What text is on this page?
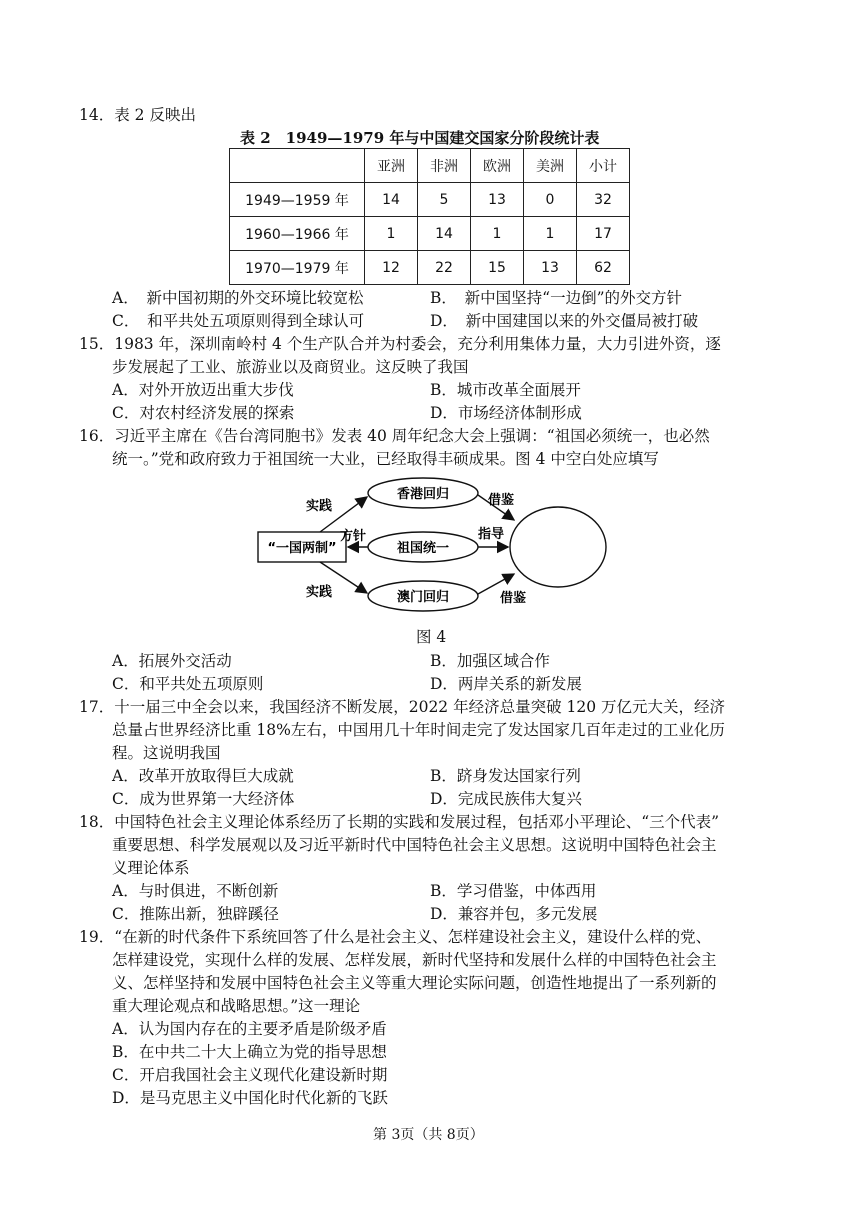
14．表 2 反映出
表 2　1949—1979 年与中国建交国家分阶段统计表
	亚洲	非洲	欧洲	美洲	小计
1949—1959 年	14	5	13	0	32
1960—1966 年	1	14	1	1	17
1970—1979 年	12	22	15	13	62
A．　新中国初期的外交环境比较宽松	B．　新中国坚持“一边倒”的外交方针
C．　和平共处五项原则得到全球认可	D．　新中国建国以来的外交僵局被打破
15．1983 年，深圳南岭村 4 个生产队合并为村委会，充分利用集体力量，大力引进外资，逐
步发展起了工业、旅游业以及商贸业。这反映了我国
A．对外开放迈出重大步伐	B．城市改革全面展开
C．对农村经济发展的探索	D．市场经济体制形成
16．习近平主席在《告台湾同胞书》发表 40 周年纪念大会上强调：“祖国必须统一，也必然
统一。”党和政府致力于祖国统一大业，已经取得丰硕成果。图 4 中空白处应填写
“一国两制”
香港回归
祖国统一
澳门回归
实践
方针
实践
借鉴
指导
借鉴
图 4
A．拓展外交活动	B．加强区域合作
C．和平共处五项原则	D．两岸关系的新发展
17．十一届三中全会以来，我国经济不断发展，2022 年经济总量突破 120 万亿元大关，经济
总量占世界经济比重 18%左右，中国用几十年时间走完了发达国家几百年走过的工业化历
程。这说明我国
A．改革开放取得巨大成就	B．跻身发达国家行列
C．成为世界第一大经济体	D．完成民族伟大复兴
18．中国特色社会主义理论体系经历了长期的实践和发展过程，包括邓小平理论、“三个代表”
重要思想、科学发展观以及习近平新时代中国特色社会主义思想。这说明中国特色社会主
义理论体系
A．与时俱进，不断创新	B．学习借鉴，中体西用
C．推陈出新，独辟蹊径	D．兼容并包，多元发展
19．“在新的时代条件下系统回答了什么是社会主义、怎样建设社会主义，建设什么样的党、
怎样建设党，实现什么样的发展、怎样发展，新时代坚持和发展什么样的中国特色社会主
义、怎样坚持和发展中国特色社会主义等重大理论实际问题，创造性地提出了一系列新的
重大理论观点和战略思想。”这一理论
A．认为国内存在的主要矛盾是阶级矛盾
B．在中共二十大上确立为党的指导思想
C．开启我国社会主义现代化建设新时期
D．是马克思主义中国化时代化新的飞跃
第 3页（共 8页）
